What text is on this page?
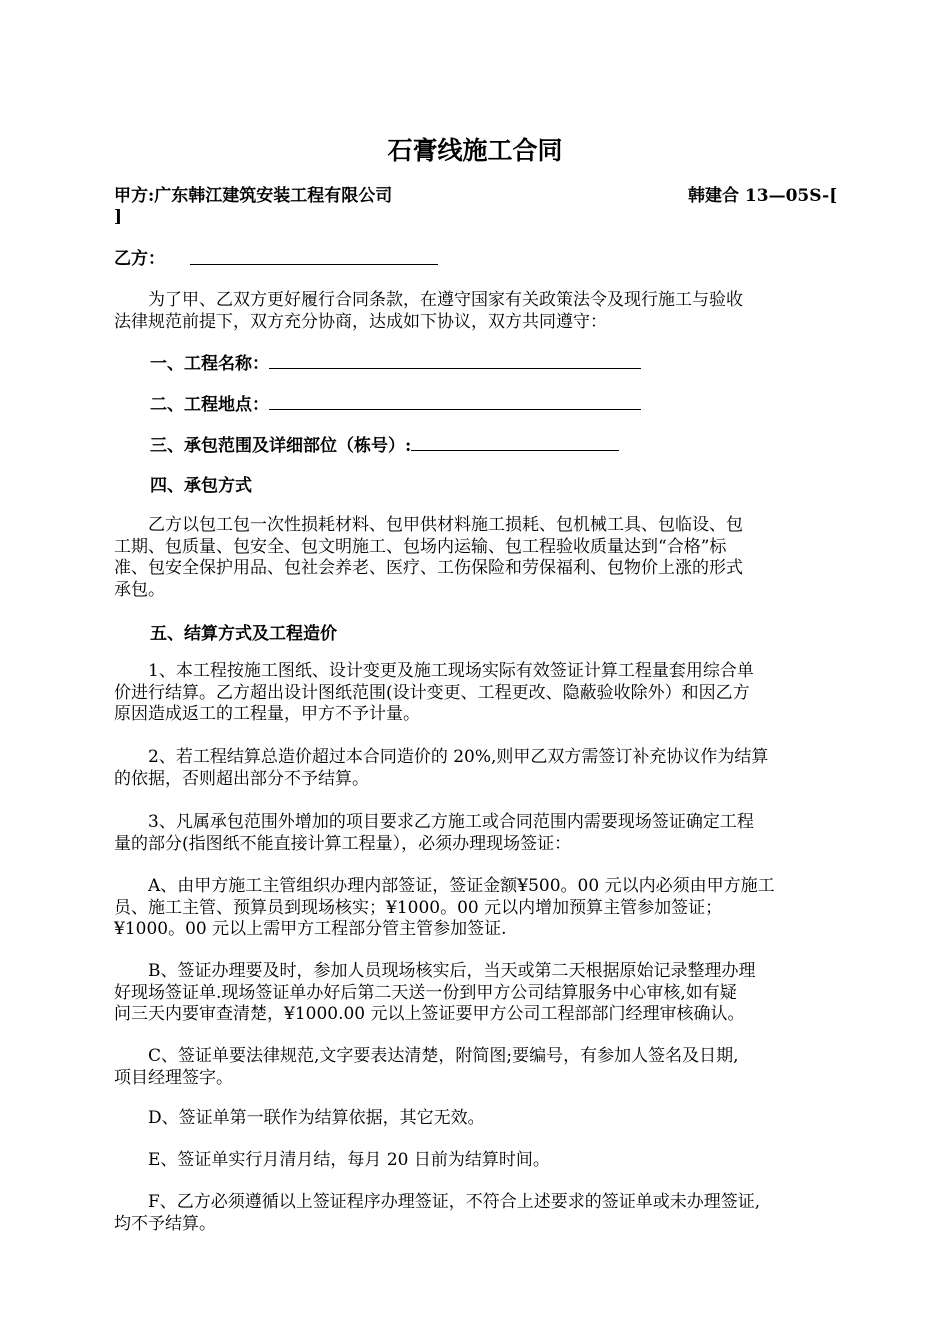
石膏线施工合同
甲方:广东韩江建筑安装工程有限公司	韩建合 13—05S-[
]
乙方：
为了甲、乙双方更好履行合同条款，在遵守国家有关政策法令及现行施工与验收
法律规范前提下，双方充分协商，达成如下协议，双方共同遵守：
一、工程名称：
二、工程地点：
三、承包范围及详细部位（栋号）:
四、承包方式
乙方以包工包一次性损耗材料、包甲供材料施工损耗、包机械工具、包临设、包
工期、包质量、包安全、包文明施工、包场内运输、包工程验收质量达到“合格”标
准、包安全保护用品、包社会养老、医疗、工伤保险和劳保福利、包物价上涨的形式
承包。
五、结算方式及工程造价
1、本工程按施工图纸、设计变更及施工现场实际有效签证计算工程量套用综合单
价进行结算。乙方超出设计图纸范围(设计变更、工程更改、隐蔽验收除外）和因乙方
原因造成返工的工程量，甲方不予计量。
2、若工程结算总造价超过本合同造价的 20%,则甲乙双方需签订补充协议作为结算
的依据，否则超出部分不予结算。
3、凡属承包范围外增加的项目要求乙方施工或合同范围内需要现场签证确定工程
量的部分(指图纸不能直接计算工程量），必须办理现场签证：
A、由甲方施工主管组织办理内部签证，签证金额¥500。00 元以内必须由甲方施工
员、施工主管、预算员到现场核实；¥1000。00 元以内增加预算主管参加签证；
¥1000。00 元以上需甲方工程部分管主管参加签证.
B、签证办理要及时，参加人员现场核实后，当天或第二天根据原始记录整理办理
好现场签证单.现场签证单办好后第二天送一份到甲方公司结算服务中心审核,如有疑
问三天内要审查清楚，¥1000.00 元以上签证要甲方公司工程部部门经理审核确认。
C、签证单要法律规范,文字要表达清楚，附简图;要编号，有参加人签名及日期,
项目经理签字。
D、签证单第一联作为结算依据，其它无效。
E、签证单实行月清月结，每月 20 日前为结算时间。
F、乙方必须遵循以上签证程序办理签证，不符合上述要求的签证单或未办理签证,
均不予结算。
